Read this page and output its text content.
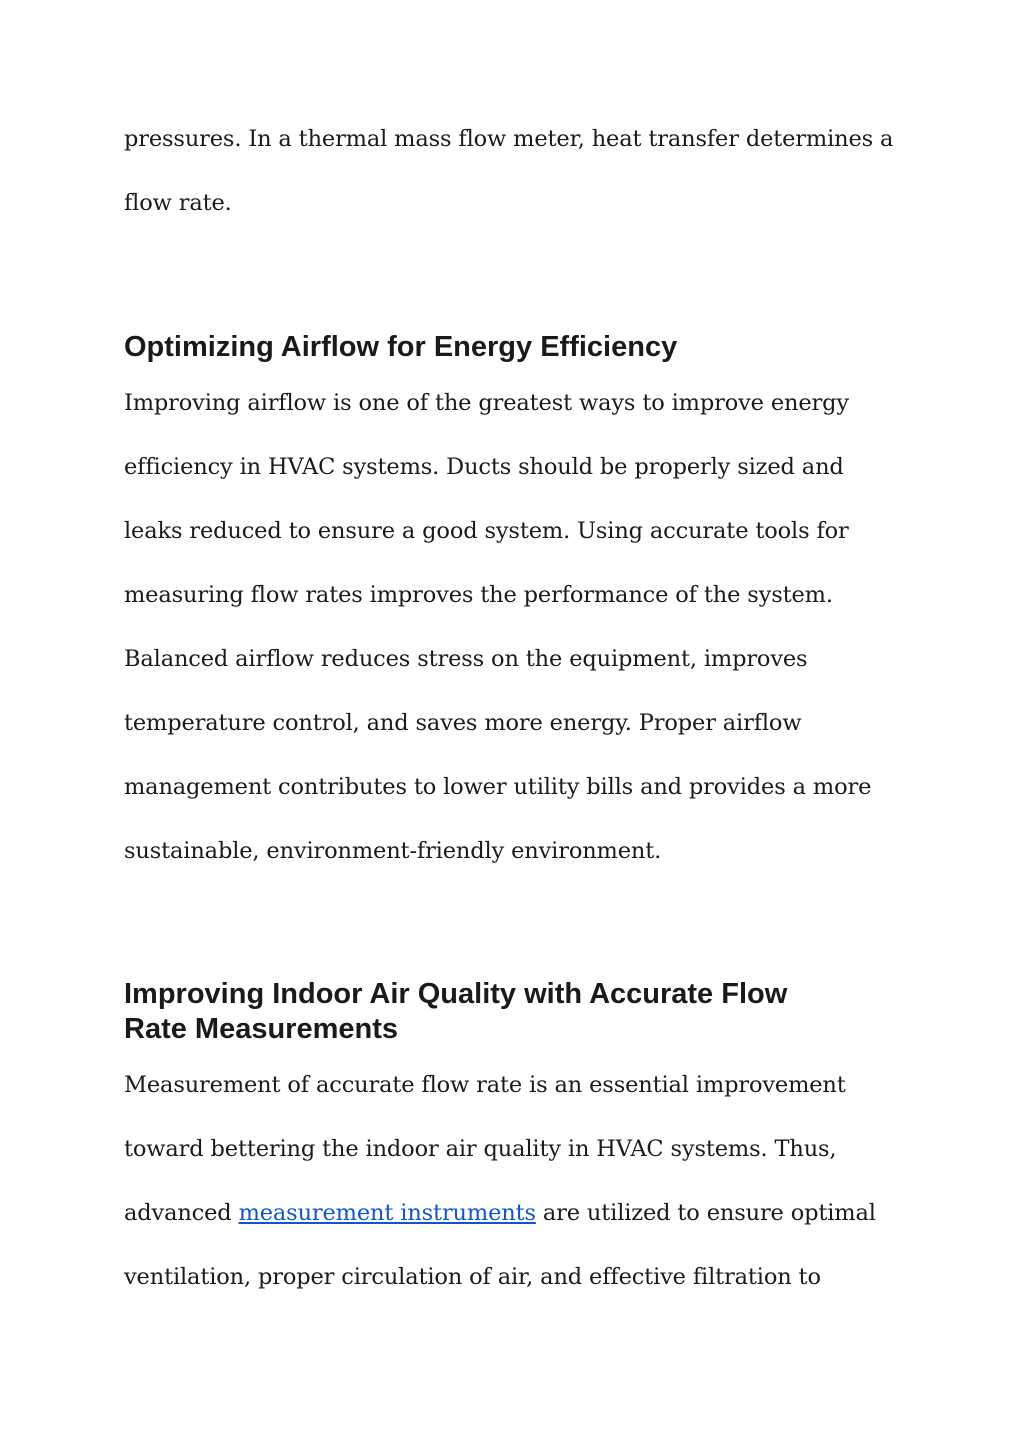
pressures. In a thermal mass flow meter, heat transfer determines a
flow rate.
Optimizing Airflow for Energy Efficiency
Improving airflow is one of the greatest ways to improve energy
efficiency in HVAC systems. Ducts should be properly sized and
leaks reduced to ensure a good system. Using accurate tools for
measuring flow rates improves the performance of the system.
Balanced airflow reduces stress on the equipment, improves
temperature control, and saves more energy. Proper airflow
management contributes to lower utility bills and provides a more
sustainable, environment-friendly environment.
Improving Indoor Air Quality with Accurate Flow
Rate Measurements
Measurement of accurate flow rate is an essential improvement
toward bettering the indoor air quality in HVAC systems. Thus,
advanced measurement instruments are utilized to ensure optimal
ventilation, proper circulation of air, and effective filtration to
